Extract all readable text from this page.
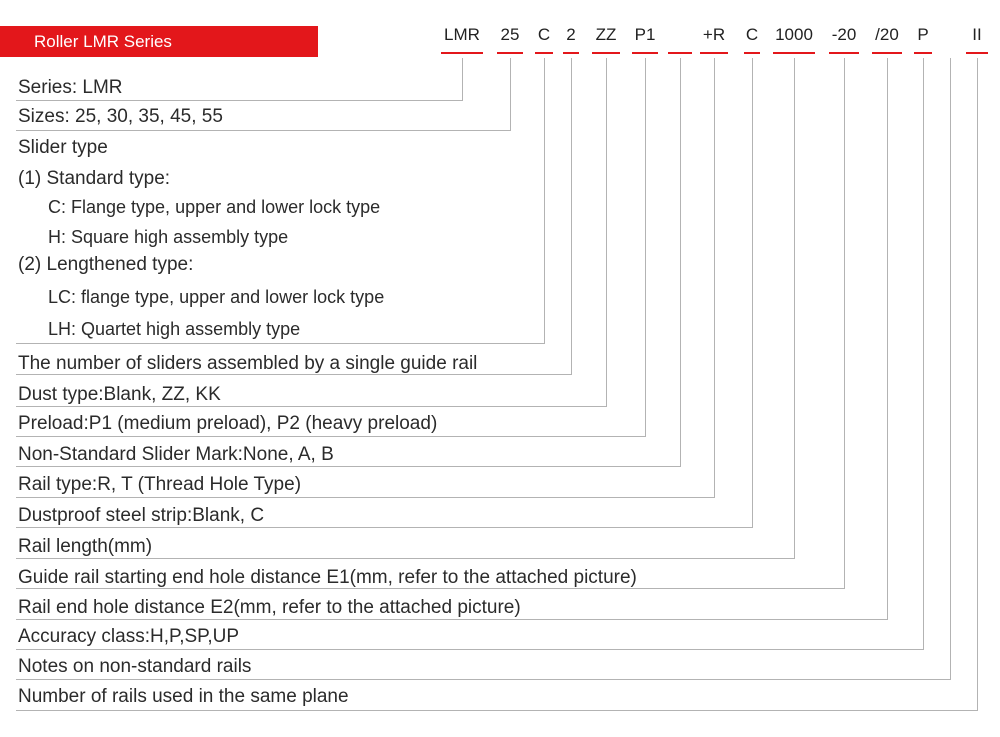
Roller LMR Series	LMR 25 C 2 ZZ P1	+R C 1000 -20 /20 P	II
Series: LMR
Sizes: 25, 30, 35, 45, 55
Slider type
(1) Standard type:
C: Flange type, upper and lower lock type
H: Square high assembly type
(2) Lengthened type:
LC: flange type, upper and lower lock type
LH: Quartet high assembly type
The number of sliders assembled by a single guide rail
Dust type:Blank, ZZ, KK
Preload:P1 (medium preload), P2 (heavy preload)
Non-Standard Slider Mark:None, A, B
Rail type:R, T (Thread Hole Type)
Dustproof steel strip:Blank, C
Rail length(mm)
Guide rail starting end hole distance E1(mm, refer to the attached picture)
Rail end hole distance E2(mm, refer to the attached picture)
Accuracy class:H,P,SP,UP
Notes on non-standard rails
Number of rails used in the same plane
